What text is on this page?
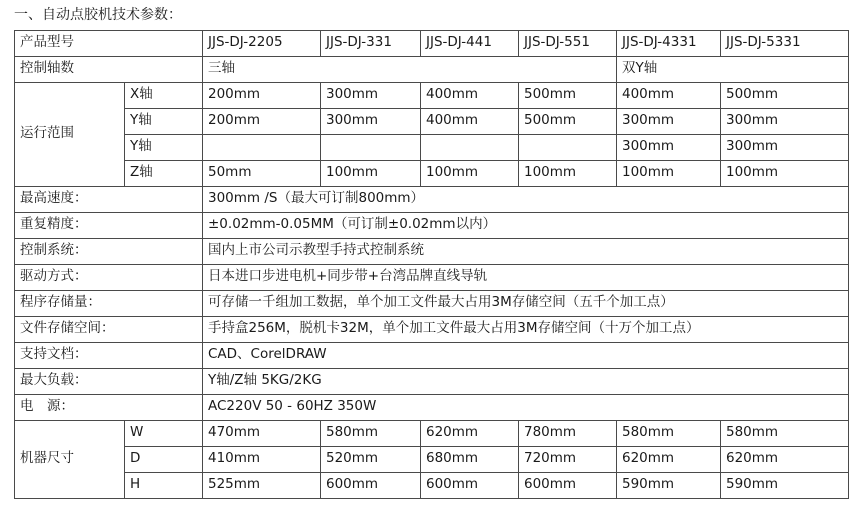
一、自动点胶机技术参数：
产品型号		JJS-DJ-2205	JJS-DJ-331	JJS-DJ-441	JJS-DJ-551	JJS-DJ-4331	JJS-DJ-5331
控制轴数		三轴				双Y轴	
运行范围	X轴	200mm	300mm	400mm	500mm	400mm	500mm
	Y轴	200mm	300mm	400mm	500mm	300mm	300mm
	Y轴					300mm	300mm
	Z轴	50mm	100mm	100mm	100mm	100mm	100mm
最高速度：		300mm /S（最大可订制800mm）					
重复精度：		±0.02mm-0.05MM（可订制±0.02mm以内）					
控制系统：		国内上市公司示教型手持式控制系统					
驱动方式：		日本进口步进电机+同步带+台湾品牌直线导轨					
程序存储量：		可存储一千组加工数据，单个加工文件最大占用3M存储空间（五千个加工点）					
文件存储空间：		手持盒256M，脱机卡32M，单个加工文件最大占用3M存储空间（十万个加工点）					
支持文档：		CAD、CorelDRAW					
最大负载：		Y轴/Z轴 5KG/2KG					
电　源：		AC220V 50 - 60HZ 350W					
机器尺寸	W	470mm	580mm	620mm	780mm	580mm	580mm
	D	410mm	520mm	680mm	720mm	620mm	620mm
	H	525mm	600mm	600mm	600mm	590mm	590mm
